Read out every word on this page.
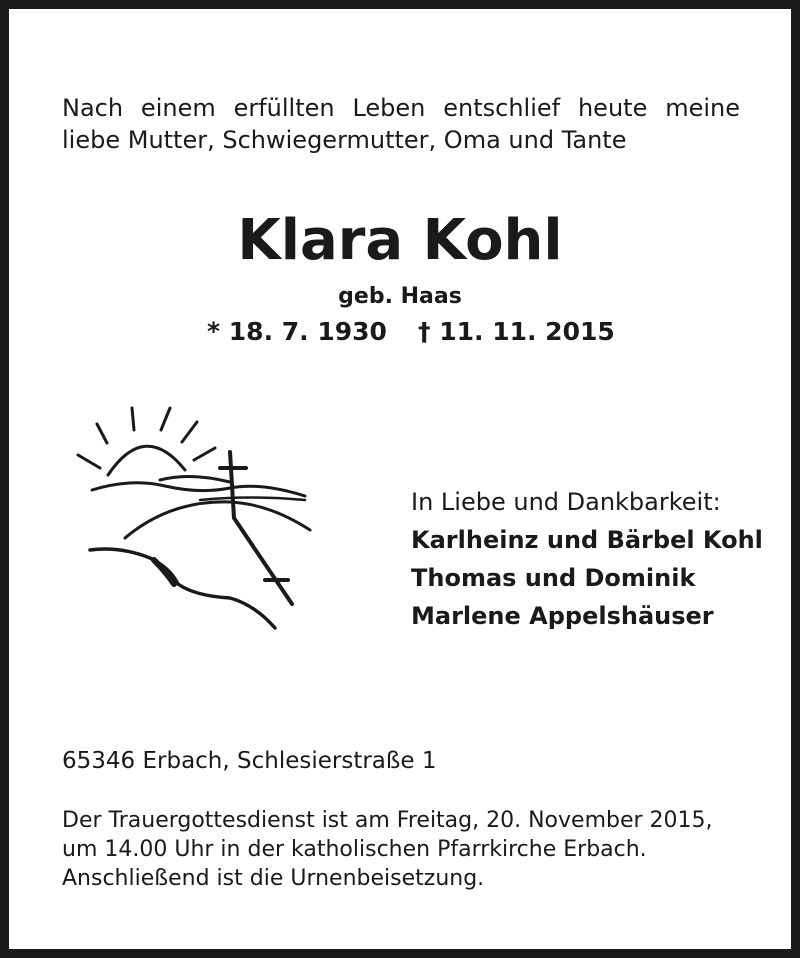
Nach einem erfüllten Leben entschlief heute meine
liebe Mutter, Schwiegermutter, Oma und Tante
Klara Kohl
geb. Haas
* 18. 7. 1930 † 11. 11. 2015
In Liebe und Dankbarkeit:
Karlheinz und Bärbel Kohl
Thomas und Dominik
Marlene Appelshäuser
65346 Erbach, Schlesierstraße 1
Der Trauergottesdienst ist am Freitag, 20. November 2015,
um 14.00 Uhr in der katholischen Pfarrkirche Erbach.
Anschließend ist die Urnenbeisetzung.
